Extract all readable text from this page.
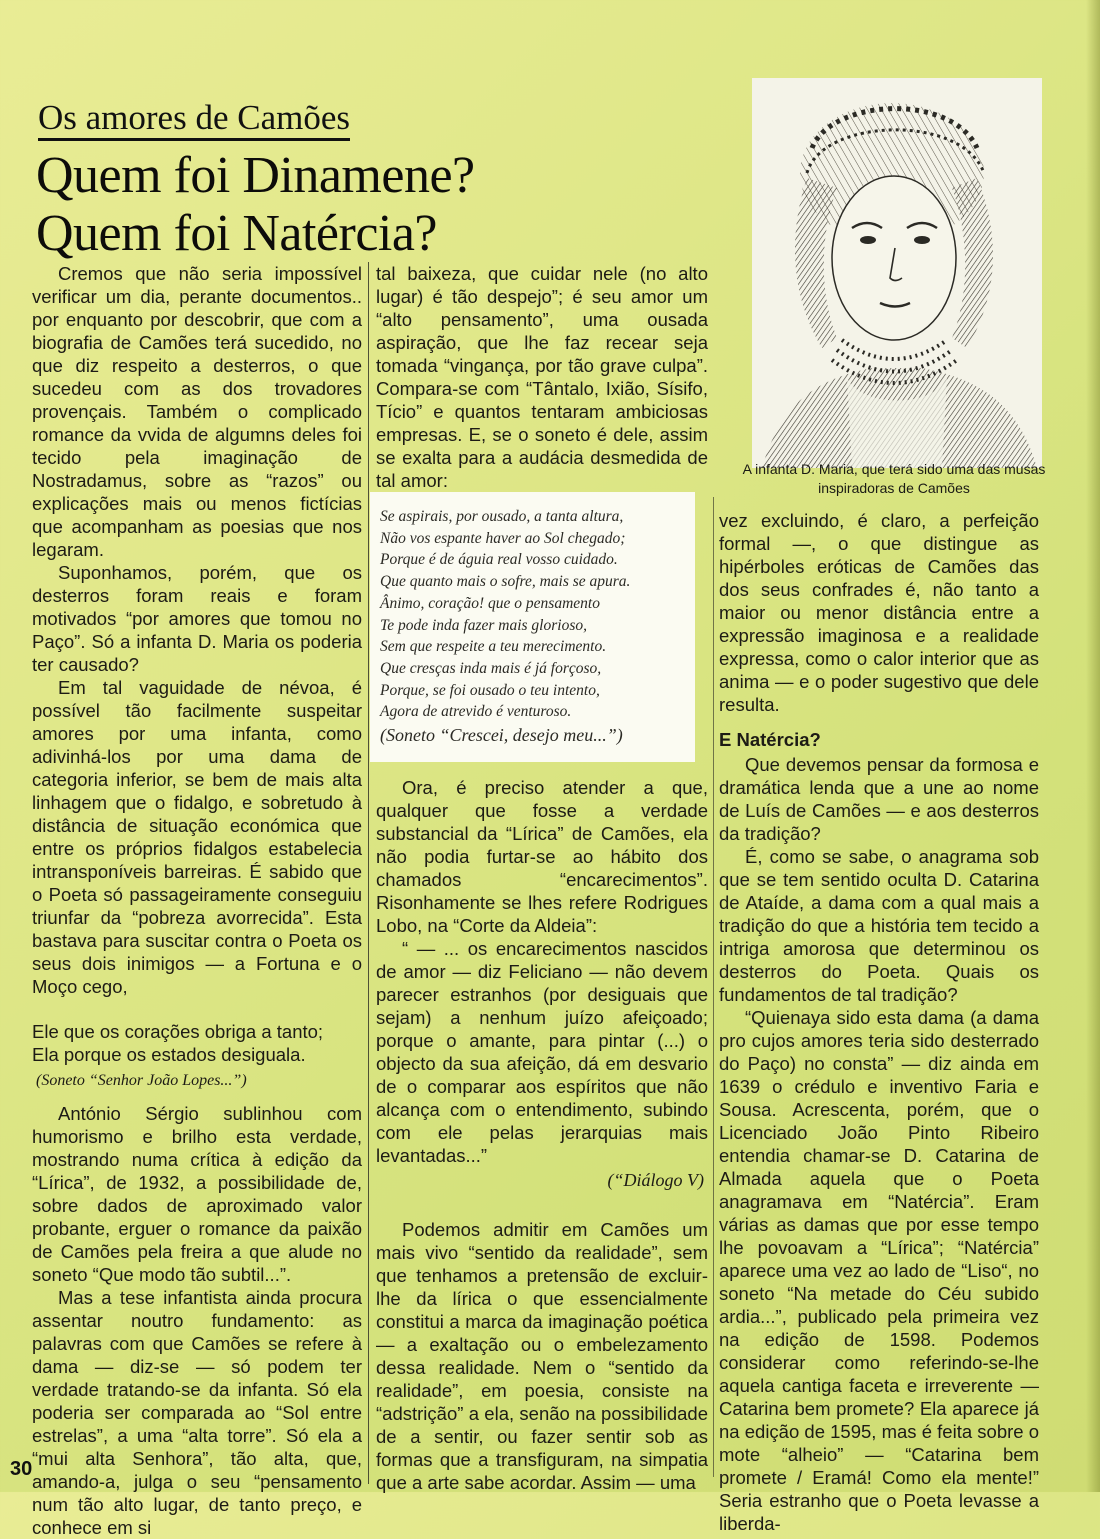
Os amores de Camões
Quem foi Dinamene?
Quem foi Natércia?
A infanta D. Maria, que terá sido uma das musas inspiradoras de Camões

Cremos que não seria impossível verificar um dia, perante documentos.. por enquanto por descobrir, que com a biografia de Camões terá sucedido, no que diz respeito a desterros, o que sucedeu com as dos trovadores provençais. Também o complicado romance da vvida de algumns deles foi tecido pela imaginação de Nostradamus, sobre as “razos” ou explicações mais ou menos fictícias que acompanham as poesias que nos legaram.

Suponhamos, porém, que os desterros foram reais e foram motivados “por amores que tomou no Paço”. Só a infanta D. Maria os poderia ter causado?

Em tal vaguidade de névoa, é possível tão facilmente suspeitar amores por uma infanta, como adivinhá-los por uma dama de categoria inferior, se bem de mais alta linhagem que o fidalgo, e sobretudo à distância de situação económica que entre os próprios fidalgos estabelecia intransponíveis barreiras. É sabido que o Poeta só passageiramente conseguiu triunfar da “pobreza avorrecida”. Esta bastava para suscitar contra o Poeta os seus dois inimigos — a Fortuna e o Moço cego,

Ele que os corações obriga a tanto;
Ela porque os estados desiguala.
(Soneto “Senhor João Lopes...”)

António Sérgio sublinhou com humorismo e brilho esta verdade, mostrando numa crítica à edição da “Lírica”, de 1932, a possibilidade de, sobre dados de aproximado valor probante, erguer o romance da paixão de Camões pela freira a que alude no soneto “Que modo tão subtil...”.

Mas a tese infantista ainda procura assentar noutro fundamento: as palavras com que Camões se refere à dama — diz-se — só podem ter verdade tratando-se da infanta. Só ela poderia ser comparada ao “Sol entre estrelas”, a uma “alta torre”. Só ela a “mui alta Senhora”, tão alta, que, amando-a, julga o seu “pensamento num tão alto lugar, de tanto preço, e conhece em si

tal baixeza, que cuidar nele (no alto lugar) é tão despejo”; é seu amor um “alto pensamento”, uma ousada aspiração, que lhe faz recear seja tomada “vingança, por tão grave culpa”. Compara-se com “Tântalo, Ixião, Sísifo, Tício” e quantos tentaram ambiciosas empresas. E, se o soneto é dele, assim se exalta para a audácia desmedida de tal amor:

Ora, é preciso atender a que, qualquer que fosse a verdade substancial da “Lírica” de Camões, ela não podia furtar-se ao hábito dos chamados “encarecimentos”. Risonhamente se lhes refere Rodrigues Lobo, na “Corte da Aldeia”:

“ — ... os encarecimentos nascidos de amor — diz Feliciano — não devem parecer estranhos (por desiguais que sejam) a nenhum juízo afeiçoado; porque o amante, para pintar (...) o objecto da sua afeição, dá em desvario de o comparar aos espíritos que não alcança com o entendimento, subindo com ele pelas jerarquias mais levantadas...”

(“Diálogo V)

Podemos admitir em Camões um mais vivo “sentido da realidade”, sem que tenhamos a pretensão de excluir-lhe da lírica o que essencialmente constitui a marca da imaginação poética — a exaltação ou o embelezamento dessa realidade. Nem o “sentido da realidade”, em poesia, consiste na “adstrição” a ela, senão na possibilidade de a sentir, ou fazer sentir sob as formas que a transfiguram, na simpatia que a arte sabe acordar. Assim — uma

Se aspirais, por ousado, a tanta altura,
Não vos espante haver ao Sol chegado;
Porque é de águia real vosso cuidado.
Que quanto mais o sofre, mais se apura.
Ânimo, coração! que o pensamento
Te pode inda fazer mais glorioso,
Sem que respeite a teu merecimento.
Que cresças inda mais é já forçoso,
Porque, se foi ousado o teu intento,
Agora de atrevido é venturoso.
(Soneto “Crescei, desejo meu...”)

vez excluindo, é claro, a perfeição formal —, o que distingue as hipérboles eróticas de Camões das dos seus confrades é, não tanto a maior ou menor distância entre a expressão imaginosa e a realidade expressa, como o calor interior que as anima — e o poder sugestivo que dele resulta.

E Natércia?

Que devemos pensar da formosa e dramática lenda que a une ao nome de Luís de Camões — e aos desterros da tradição?

É, como se sabe, o anagrama sob que se tem sentido oculta D. Catarina de Ataíde, a dama com a qual mais a tradição do que a história tem tecido a intriga amorosa que determinou os desterros do Poeta. Quais os fundamentos de tal tradição?

“Quienaya sido esta dama (a dama pro cujos amores teria sido desterrado do Paço) no consta” — diz ainda em 1639 o crédulo e inventivo Faria e Sousa. Acrescenta, porém, que o Licenciado João Pinto Ribeiro entendia chamar-se D. Catarina de Almada aquela que o Poeta anagramava em “Natércia”. Eram várias as damas que por esse tempo lhe povoavam a “Lírica”; “Natércia” aparece uma vez ao lado de “Liso“, no soneto “Na metade do Céu subido ardia...”, publicado pela primeira vez na edição de 1598. Podemos considerar como referindo-se-lhe aquela cantiga faceta e irreverente — Catarina bem promete? Ela aparece já na edição de 1595, mas é feita sobre o mote “alheio” — “Catarina bem promete / Eramá! Como ela mente!” Seria estranho que o Poeta levasse a liberda-

30
